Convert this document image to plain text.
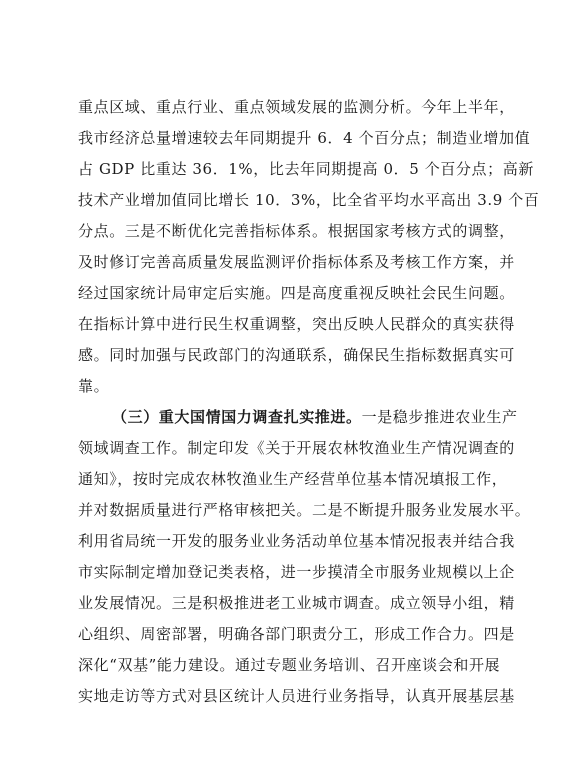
重点区域、重点行业、重点领域发展的监测分析。今年上半年，
我市经济总量增速较去年同期提升 6．4 个百分点；制造业增加值
占 GDP 比重达 36．1%，比去年同期提高 0．5 个百分点；高新
技术产业增加值同比增长 10．3%，比全省平均水平高出 3.9 个百
分点。三是不断优化完善指标体系。根据国家考核方式的调整，
及时修订完善高质量发展监测评价指标体系及考核工作方案，并
经过国家统计局审定后实施。四是高度重视反映社会民生问题。
在指标计算中进行民生权重调整，突出反映人民群众的真实获得
感。同时加强与民政部门的沟通联系，确保民生指标数据真实可
靠。
（三）重大国情国力调查扎实推进。一是稳步推进农业生产
领域调查工作。制定印发《关于开展农林牧渔业生产情况调查的
通知》，按时完成农林牧渔业生产经营单位基本情况填报工作，
并对数据质量进行严格审核把关。二是不断提升服务业发展水平。
利用省局统一开发的服务业业务活动单位基本情况报表并结合我
市实际制定增加登记类表格，进一步摸清全市服务业规模以上企
业发展情况。三是积极推进老工业城市调查。成立领导小组，精
心组织、周密部署，明确各部门职责分工，形成工作合力。四是
深化“双基”能力建设。通过专题业务培训、召开座谈会和开展
实地走访等方式对县区统计人员进行业务指导，认真开展基层基
